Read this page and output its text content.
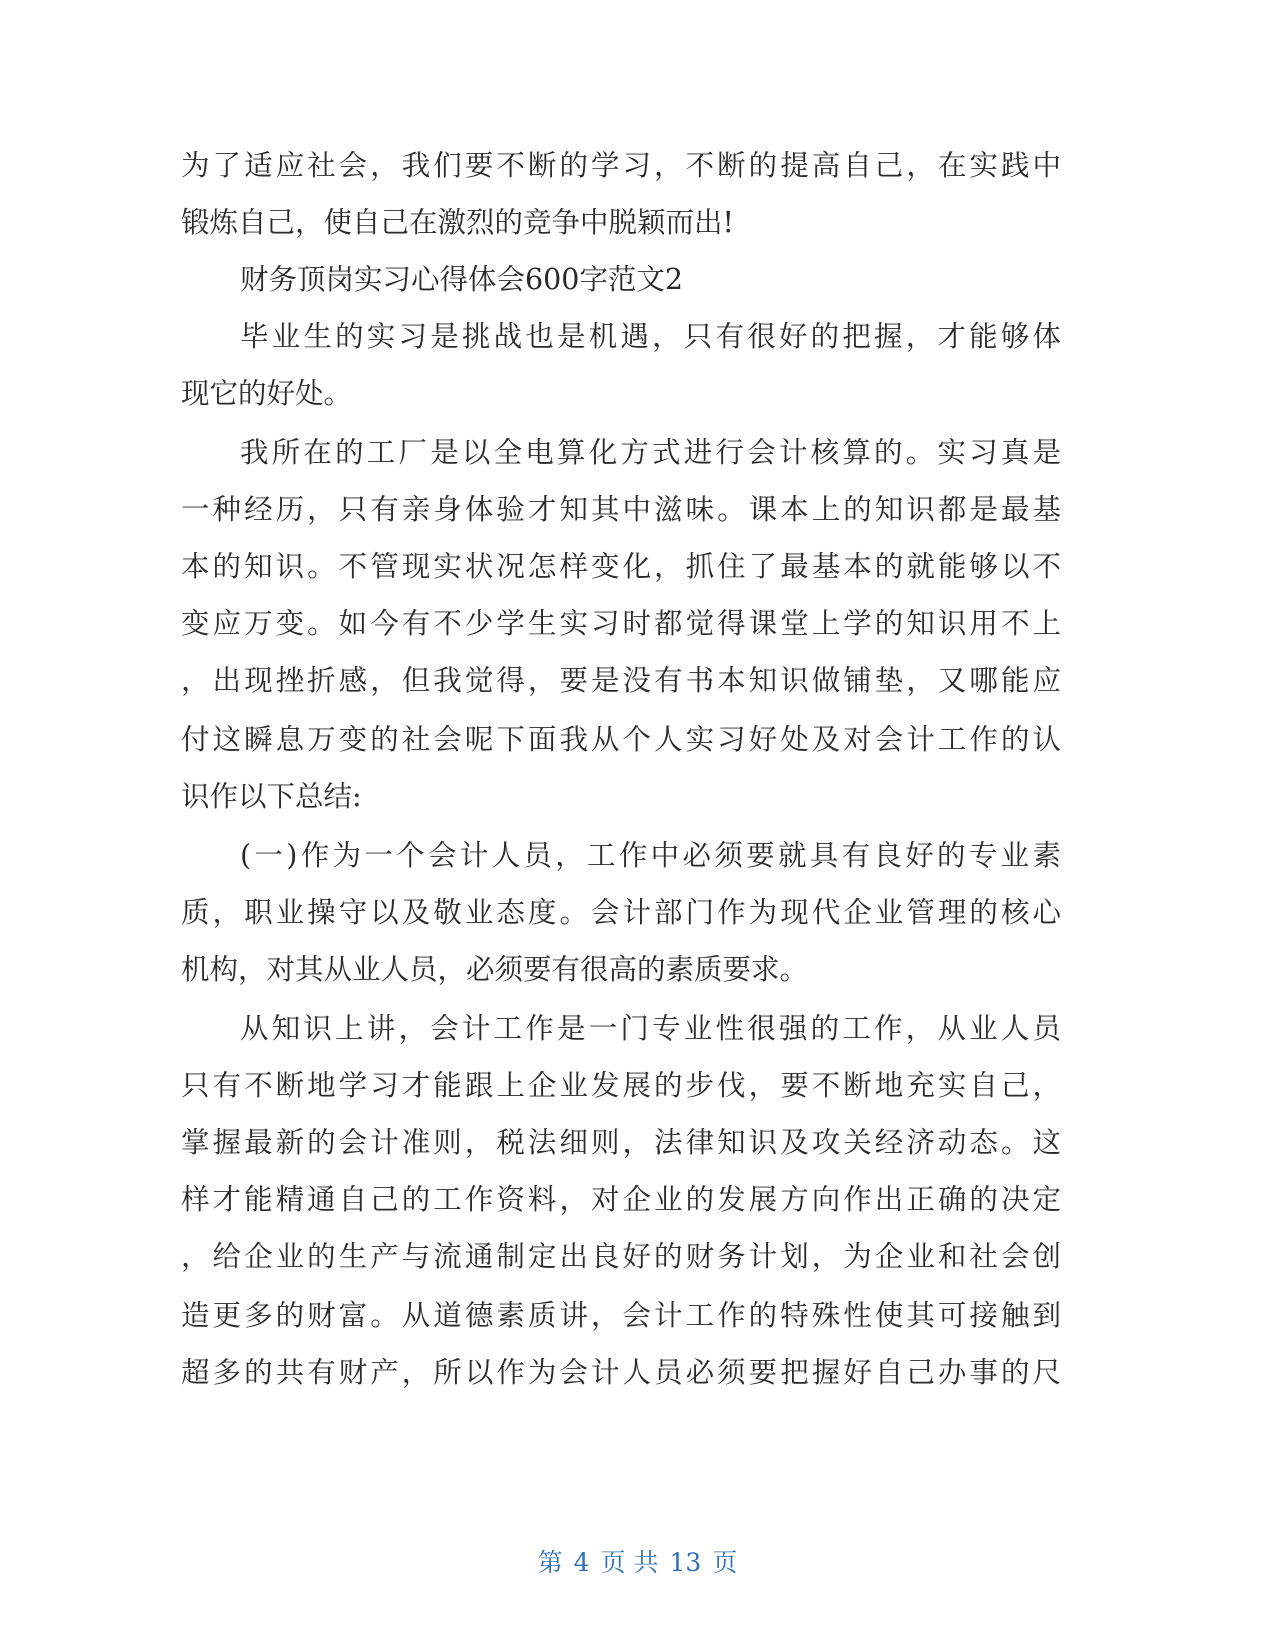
为了适应社会，我们要不断的学习，不断的提高自己，在实践中
锻炼自己，使自己在激烈的竞争中脱颖而出!
财务顶岗实习心得体会600字范文2
毕业生的实习是挑战也是机遇，只有很好的把握，才能够体
现它的好处。
我所在的工厂是以全电算化方式进行会计核算的。实习真是
一种经历，只有亲身体验才知其中滋味。课本上的知识都是最基
本的知识。不管现实状况怎样变化，抓住了最基本的就能够以不
变应万变。如今有不少学生实习时都觉得课堂上学的知识用不上
，出现挫折感，但我觉得，要是没有书本知识做铺垫，又哪能应
付这瞬息万变的社会呢下面我从个人实习好处及对会计工作的认
识作以下总结:
(一)作为一个会计人员，工作中必须要就具有良好的专业素
质，职业操守以及敬业态度。会计部门作为现代企业管理的核心
机构，对其从业人员，必须要有很高的素质要求。
从知识上讲，会计工作是一门专业性很强的工作，从业人员
只有不断地学习才能跟上企业发展的步伐，要不断地充实自己，
掌握最新的会计准则，税法细则，法律知识及攻关经济动态。这
样才能精通自己的工作资料，对企业的发展方向作出正确的决定
，给企业的生产与流通制定出良好的财务计划，为企业和社会创
造更多的财富。从道德素质讲，会计工作的特殊性使其可接触到
超多的共有财产，所以作为会计人员必须要把握好自己办事的尺
第 4 页 共 13 页
